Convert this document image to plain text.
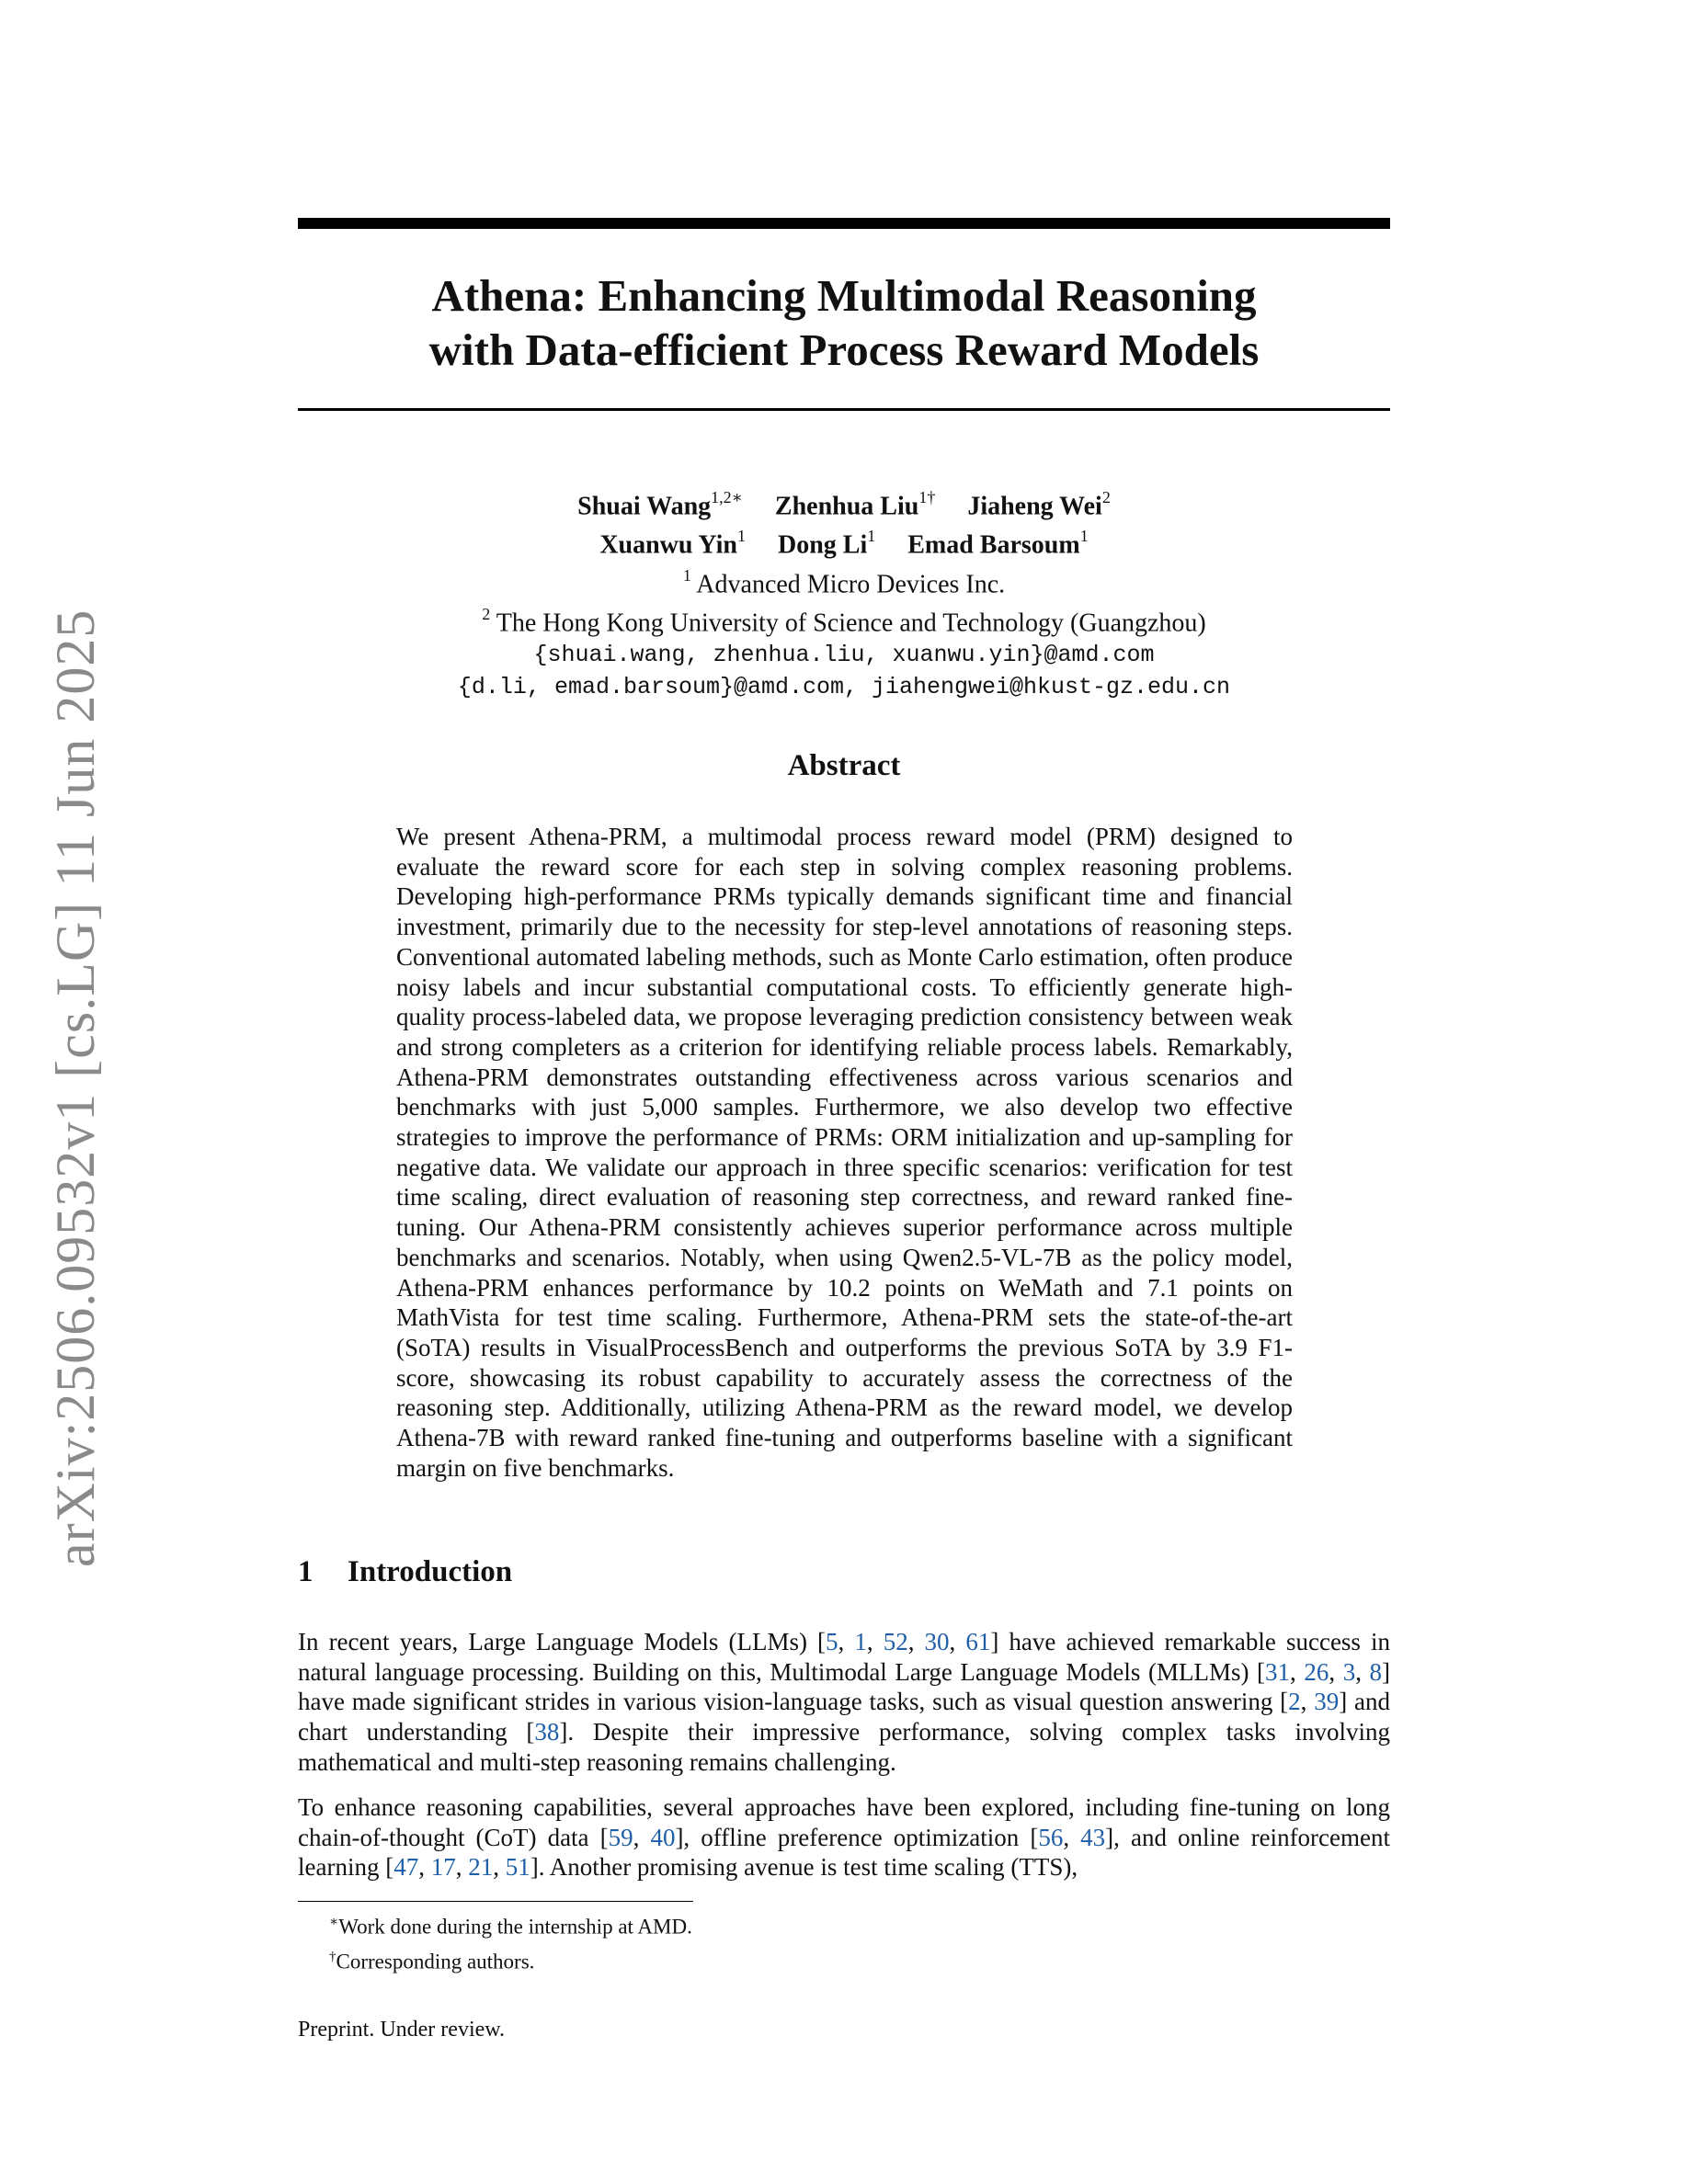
arXiv:2506.09532v1 [cs.LG] 11 Jun 2025
Athena: Enhancing Multimodal Reasoning
with Data-efficient Process Reward Models
Shuai Wang$^{1,2∗}$ Zhenhua Liu$^{1\dagger}$ Jiaheng Wei$^2$
Xuanwu Yin$^1$ Dong Li$^1$ Emad Barsoum$^1$
$^1$ Advanced Micro Devices Inc.
$^2$ The Hong Kong University of Science and Technology (Guangzhou)
{shuai.wang, zhenhua.liu, xuanwu.yin}@amd.com
{d.li, emad.barsoum}@amd.com, jiahengwei@hkust-gz.edu.cn
Abstract
We present Athena-PRM, a multimodal process reward model (PRM) designed to evaluate the reward score for each step in solving complex reasoning problems. Developing high-performance PRMs typically demands significant time and financial investment, primarily due to the necessity for step-level annotations of reasoning steps. Conventional automated labeling methods, such as Monte Carlo estimation, often produce noisy labels and incur substantial computational costs. To efficiently generate high-quality process-labeled data, we propose leveraging prediction consistency between weak and strong completers as a criterion for identifying reliable process labels. Remarkably, Athena-PRM demonstrates outstanding effectiveness across various scenarios and benchmarks with just 5,000 samples. Furthermore, we also develop two effective strategies to improve the performance of PRMs: ORM initialization and up-sampling for negative data. We validate our approach in three specific scenarios: verification for test time scaling, direct evaluation of reasoning step correctness, and reward ranked fine-tuning. Our Athena-PRM consistently achieves superior performance across multiple benchmarks and scenarios. Notably, when using Qwen2.5-VL-7B as the policy model, Athena-PRM enhances performance by 10.2 points on WeMath and 7.1 points on MathVista for test time scaling. Furthermore, Athena-PRM sets the state-of-the-art (SoTA) results in VisualProcessBench and outperforms the previous SoTA by 3.9 F1-score, showcasing its robust capability to accurately assess the correctness of the reasoning step. Additionally, utilizing Athena-PRM as the reward model, we develop Athena-7B with reward ranked fine-tuning and outperforms baseline with a significant margin on five benchmarks.
1 Introduction
In recent years, Large Language Models (LLMs) [5, 1, 52, 30, 61] have achieved remarkable success in natural language processing. Building on this, Multimodal Large Language Models (MLLMs) [31, 26, 3, 8] have made significant strides in various vision-language tasks, such as visual question answering [2, 39] and chart understanding [38]. Despite their impressive performance, solving complex tasks involving mathematical and multi-step reasoning remains challenging.
To enhance reasoning capabilities, several approaches have been explored, including fine-tuning on long chain-of-thought (CoT) data [59, 40], offline preference optimization [56, 43], and online reinforcement learning [47, 17, 21, 51]. Another promising avenue is test time scaling (TTS),
∗Work done during the internship at AMD.
†Corresponding authors.
Preprint. Under review.
